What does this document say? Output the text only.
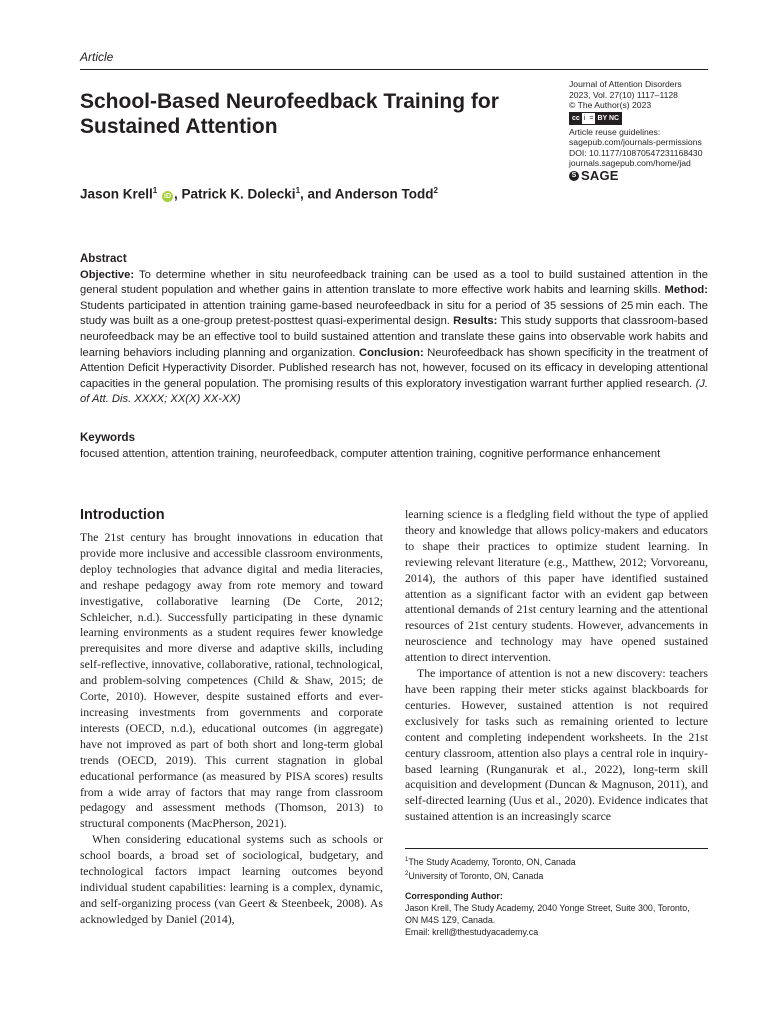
Article
School-Based Neurofeedback Training for
Sustained Attention
Journal of Attention Disorders
2023, Vol. 27(10) 1117–1128
© The Author(s) 2023
cc i = BY NC
Article reuse guidelines:
sagepub.com/journals-permissions
DOI: 10.1177/10870547231168430
journals.sagepub.com/home/jad
S SAGE
Jason Krell$^1$ iD , Patrick K. Dolecki$^1$, and Anderson Todd$^2$
Abstract

Objective: To determine whether in situ neurofeedback training can be used as a tool to build sustained attention in the general student population and whether gains in attention translate to more effective work habits and learning skills. Method: Students participated in attention training game-based neurofeedback in situ for a period of 35 sessions of 25 min each. The study was built as a one-group pretest-posttest quasi-experimental design. Results: This study supports that classroom-based neurofeedback may be an effective tool to build sustained attention and translate these gains into observable work habits and learning behaviors including planning and organization. Conclusion: Neurofeedback has shown specificity in the treatment of Attention Deficit Hyperactivity Disorder. Published research has not, however, focused on its efficacy in developing attentional capacities in the general population. The promising results of this exploratory investigation warrant further applied research. (J. of Att. Dis. XXXX; XX(X) XX-XX)

Keywords

focused attention, attention training, neurofeedback, computer attention training, cognitive performance enhancement

Introduction

The 21st century has brought innovations in education that provide more inclusive and accessible classroom environments, deploy technologies that advance digital and media literacies, and reshape pedagogy away from rote memory and toward investigative, collaborative learning (De Corte, 2012; Schleicher, n.d.). Successfully participating in these dynamic learning environments as a student requires fewer knowledge prerequisites and more diverse and adaptive skills, including self-reflective, innovative, collaborative, rational, technological, and problem-solving competences (Child & Shaw, 2015; de Corte, 2010). However, despite sustained efforts and ever-increasing investments from governments and corporate interests (OECD, n.d.), educational outcomes (in aggregate) have not improved as part of both short and long-term global trends (OECD, 2019). This current stagnation in global educational performance (as measured by PISA scores) results from a wide array of factors that may range from classroom pedagogy and assessment methods (Thomson, 2013) to structural components (MacPherson, 2021).

When considering educational systems such as schools or school boards, a broad set of sociological, budgetary, and technological factors impact learning outcomes beyond individual student capabilities: learning is a complex, dynamic, and self-organizing process (van Geert & Steenbeek, 2008). As acknowledged by Daniel (2014),

learning science is a fledgling field without the type of applied theory and knowledge that allows policy-makers and educators to shape their practices to optimize student learning. In reviewing relevant literature (e.g., Matthew, 2012; Vorvoreanu, 2014), the authors of this paper have identified sustained attention as a significant factor with an evident gap between attentional demands of 21st century learning and the attentional resources of 21st century students. However, advancements in neuroscience and technology may have opened sustained attention to direct intervention.

The importance of attention is not a new discovery: teachers have been rapping their meter sticks against blackboards for centuries. However, sustained attention is not required exclusively for tasks such as remaining oriented to lecture content and completing independent worksheets. In the 21st century classroom, attention also plays a central role in inquiry-based learning (Runganurak et al., 2022), long-term skill acquisition and development (Duncan & Magnuson, 2011), and self-directed learning (Uus et al., 2020). Evidence indicates that sustained attention is an increasingly scarce

$^1$The Study Academy, Toronto, ON, Canada
$^2$University of Toronto, ON, Canada
Corresponding Author:
Jason Krell, The Study Academy, 2040 Yonge Street, Suite 300, Toronto,
ON M4S 1Z9, Canada.
Email: krell@thestudyacademy.ca
